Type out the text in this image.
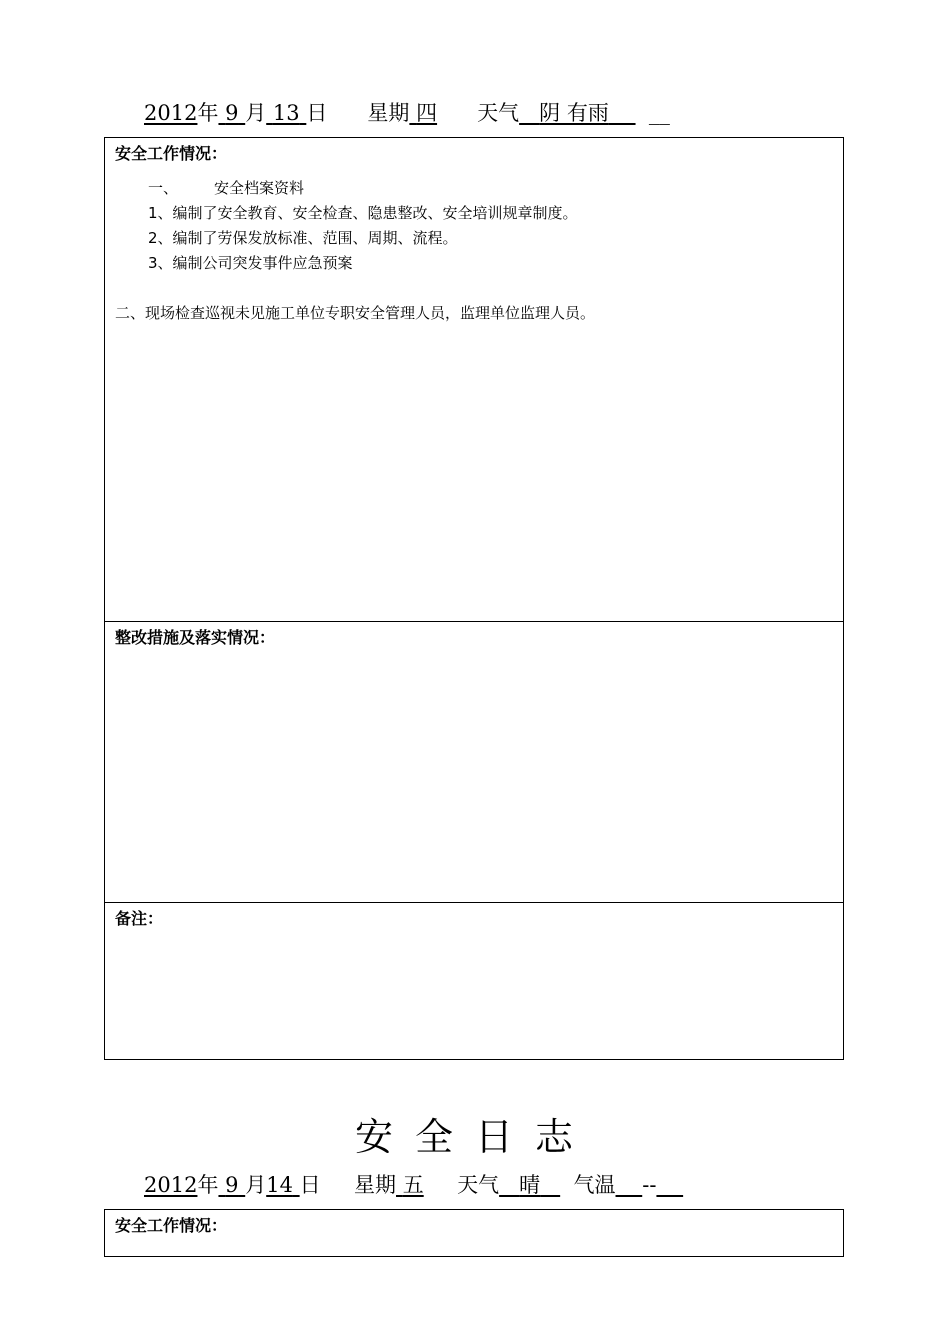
2012年 9 月 13 日 星期 四 天气 阴 有雨 __
安全工作情况：
一、 安全档案资料
1、编制了安全教育、安全检查、隐患整改、安全培训规章制度。
2、编制了劳保发放标准、范围、周期、流程。
3、编制公司突发事件应急预案
二、现场检查巡视未见施工单位专职安全管理人员，监理单位监理人员。
整改措施及落实情况：
备注：
安全日志
2012年 9 月14 日 星期 五 天气 晴 气温 --
安全工作情况：
